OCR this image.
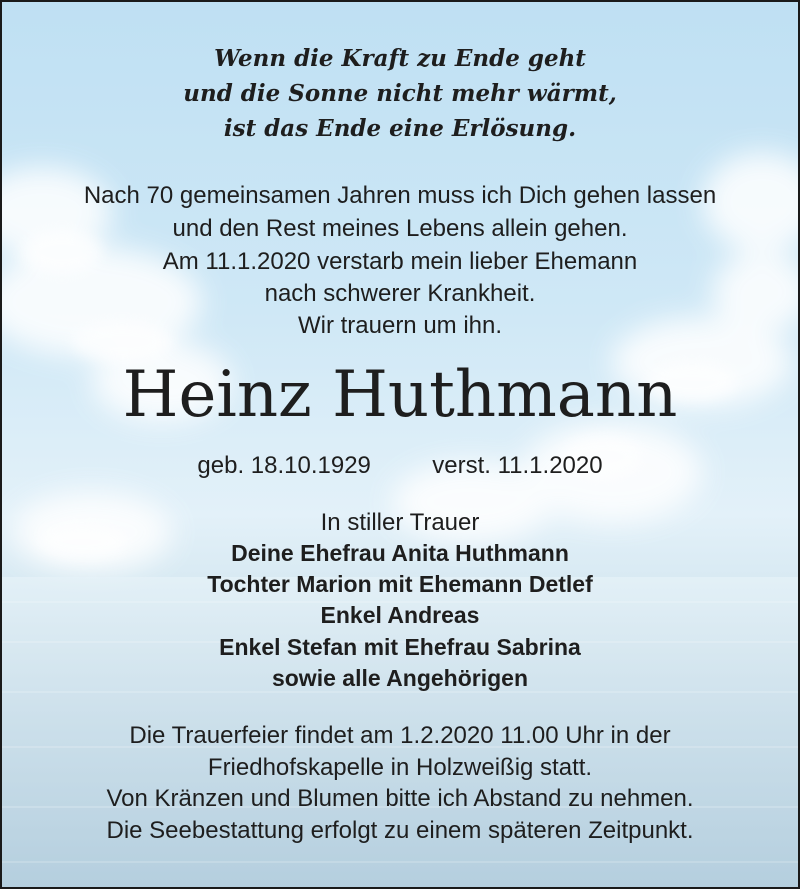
Wenn die Kraft zu Ende geht
und die Sonne nicht mehr wärmt,
ist das Ende eine Erlösung.
Nach 70 gemeinsamen Jahren muss ich Dich gehen lassen
und den Rest meines Lebens allein gehen.
Am 11.1.2020 verstarb mein lieber Ehemann
nach schwerer Krankheit.
Wir trauern um ihn.
Heinz Huthmann
geb. 18.10.1929	verst. 11.1.2020
In stiller Trauer
Deine Ehefrau Anita Huthmann
Tochter Marion mit Ehemann Detlef
Enkel Andreas
Enkel Stefan mit Ehefrau Sabrina
sowie alle Angehörigen
Die Trauerfeier findet am 1.2.2020 11.00 Uhr in der
Friedhofskapelle in Holzweißig statt.
Von Kränzen und Blumen bitte ich Abstand zu nehmen.
Die Seebestattung erfolgt zu einem späteren Zeitpunkt.
